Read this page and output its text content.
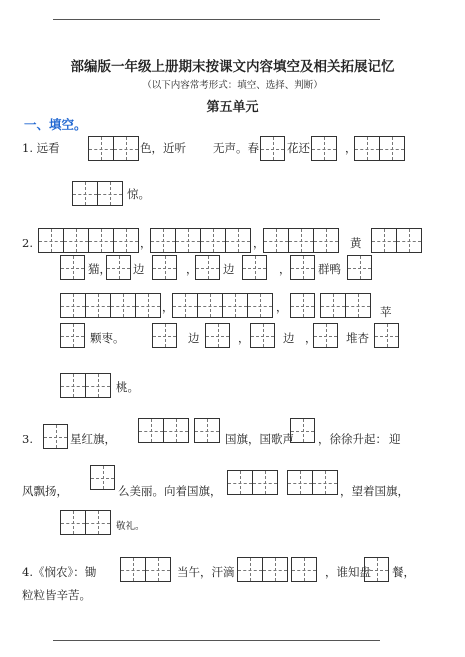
部编版一年级上册期末按课文内容填空及相关拓展记忆
（以下内容常考形式：填空、选择、判断）
第五单元
一、填空。
1. 远看	色，近听 无声。春 花还	，
惊。
2.	，	，	黄
猫， 边	， 边	， 群鸭
，	，	苹
颗枣。	边	，	边 ，	堆杏
桃。
3.	星红旗，	国旗，国歌声 ，徐徐升起： 迎
风飘扬，	么美丽。向着国旗，	，望着国旗，
敬礼。
4.《悯农》：锄	当午，汗滴	，谁知盘 餐，
粒粒皆辛苦。
